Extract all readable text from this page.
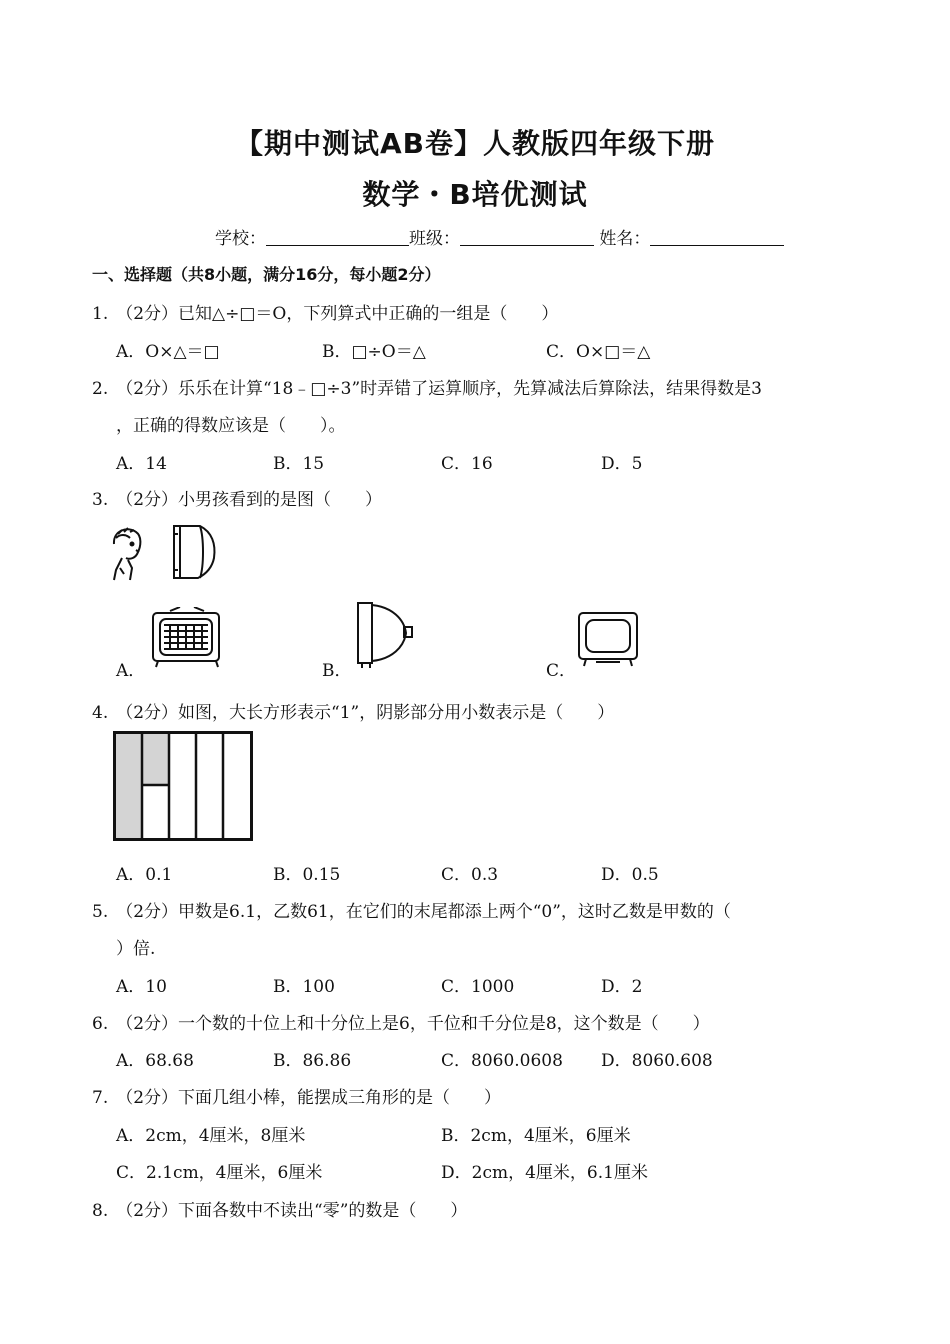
【期中测试AB卷】人教版四年级下册
数学・B培优测试
学校：	班级：	姓名：
一、选择题（共8小题，满分16分，每小题2分）
1. （2分）已知△÷□＝O，下列算式中正确的一组是（　　）
A．O×△＝□	B．□÷O＝△	C．O×□＝△
2. （2分）乐乐在计算“18﹣□÷3”时弄错了运算顺序，先算减法后算除法，结果得数是3
，正确的得数应该是（　　）。
A．14	B．15	C．16	D．5
3. （2分）小男孩看到的是图（　　）
A．	B．	C．
4. （2分）如图，大长方形表示“1”，阴影部分用小数表示是（　　）
A．0.1	B．0.15	C．0.3	D．0.5
5. （2分）甲数是6.1，乙数61，在它们的末尾都添上两个“0”，这时乙数是甲数的（
）倍.
A．10	B．100	C．1000	D．2
6. （2分）一个数的十位上和十分位上是6，千位和千分位是8，这个数是（　　）
A．68.68	B．86.86	C．8060.0608 D．8060.608
7. （2分）下面几组小棒，能摆成三角形的是（　　）
A．2cm，4厘米，8厘米	B．2cm，4厘米，6厘米
C．2.1cm，4厘米，6厘米	D．2cm，4厘米，6.1厘米
8. （2分）下面各数中不读出“零”的数是（　　）
